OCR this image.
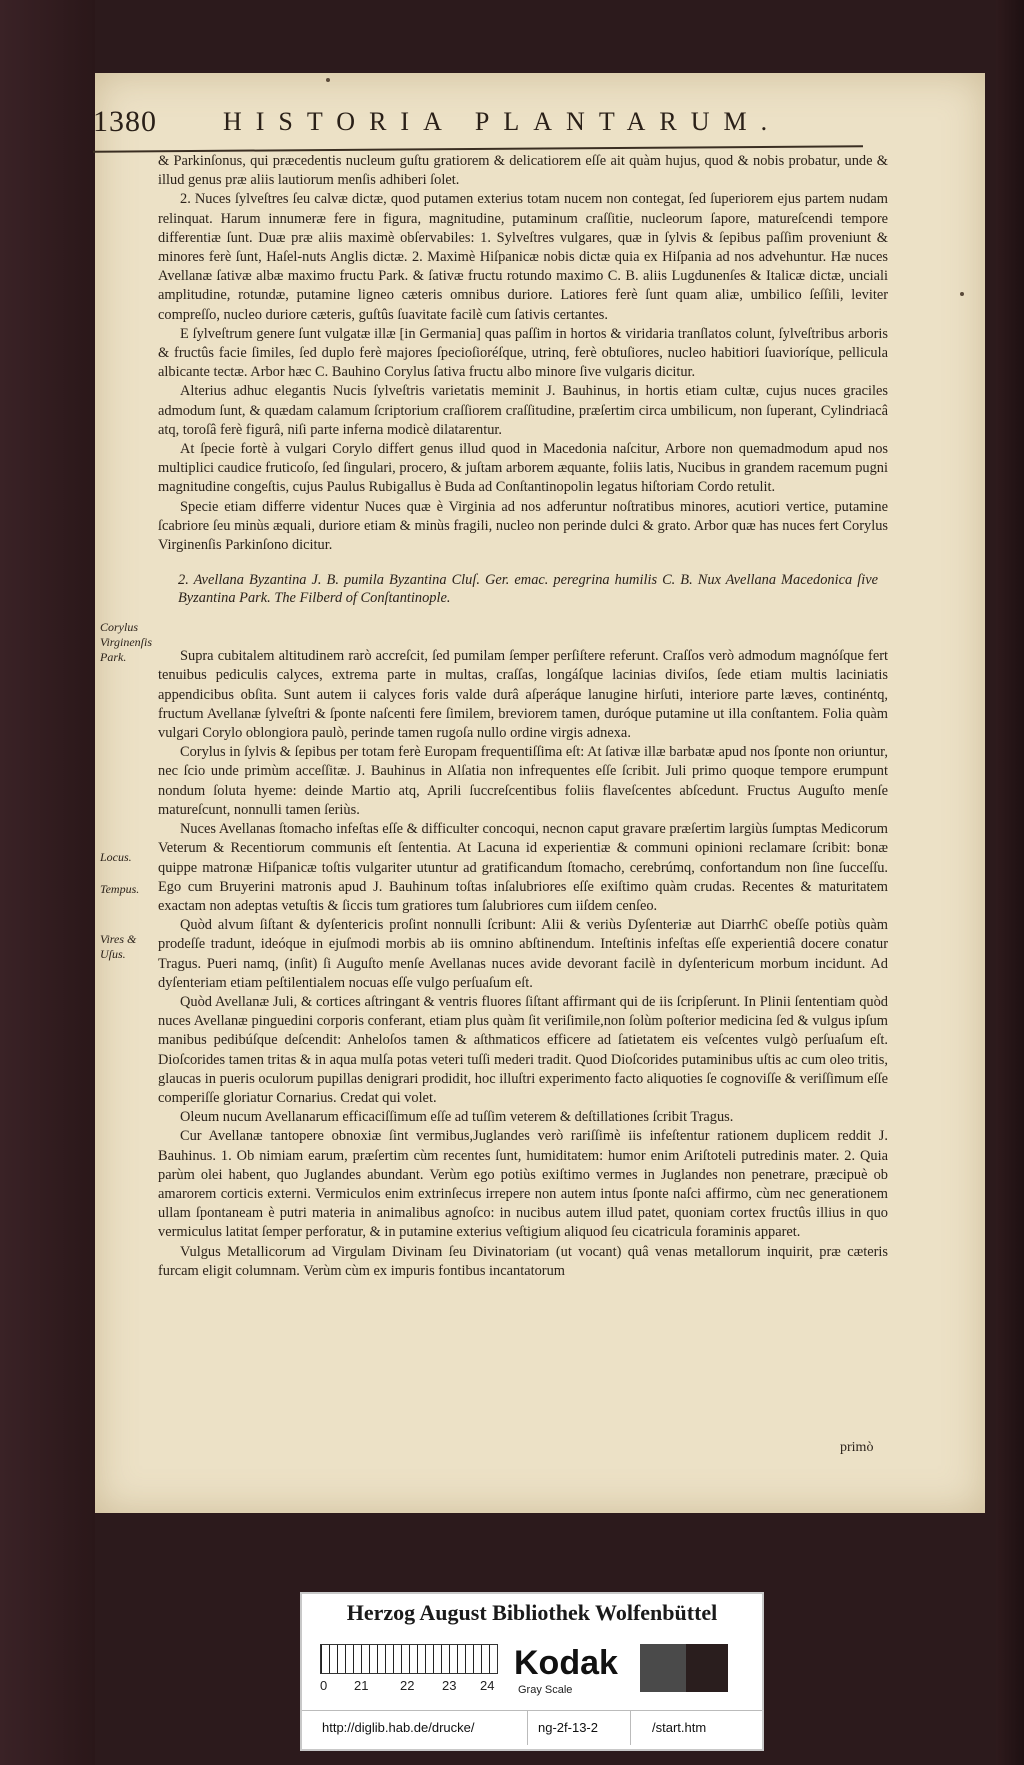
1380	HISTORIA PLANTARUM.

& Parkinſonus, qui præcedentis nucleum guſtu gratiorem & delicatiorem eſſe ait quàm hujus, quod & nobis probatur, unde & illud genus præ aliis lautiorum menſis adhiberi ſolet.

2. Nuces ſylveſtres ſeu calvæ dictæ, quod putamen exterius totam nucem non contegat, ſed ſuperiorem ejus partem nudam relinquat. Harum innumeræ fere in figura, magnitudine, putaminum craſſitie, nucleorum ſapore, matureſcendi tempore differentiæ ſunt. Duæ præ aliis maximè obſervabiles: 1. Sylveſtres vulgares, quæ in ſylvis & ſepibus paſſim proveniunt & minores ferè ſunt, Haſel-nuts Anglis dictæ. 2. Maximè Hiſpanicæ nobis dictæ quia ex Hiſpania ad nos advehuntur. Hæ nuces Avellanæ ſativæ albæ maximo fructu Park. & ſativæ fructu rotundo maximo C. B. aliis Lugdunenſes & Italicæ dictæ, unciali amplitudine, rotundæ, putamine ligneo cæteris omnibus duriore. Latiores ferè ſunt quam aliæ, umbilico ſeſſili, leviter compreſſo, nucleo duriore cæteris, guſtûs ſuavitate facilè cum ſativis certantes.

E ſylveſtrum genere ſunt vulgatæ illæ [in Germania] quas paſſim in hortos & viridaria tranſlatos colunt, ſylveſtribus arboris & fructûs facie ſimiles, ſed duplo ferè majores ſpecioſioréſque, utrinq, ferè obtuſiores, nucleo habitiori ſuavioríque, pellicula albicante tectæ. Arbor hæc C. Bauhino Corylus ſativa fructu albo minore ſive vulgaris dicitur.

Alterius adhuc elegantis Nucis ſylveſtris varietatis meminit J. Bauhinus, in hortis etiam cultæ, cujus nuces graciles admodum ſunt, & quædam calamum ſcriptorium craſſiorem craſſitudine, præſertim circa umbilicum, non ſuperant, Cylindriacâ atq, toroſâ ferè figurâ, niſi parte inferna modicè dilatarentur.

At ſpecie fortè à vulgari Corylo differt genus illud quod in Macedonia naſcitur, Arbore non quemadmodum apud nos multiplici caudice fruticoſo, ſed ſingulari, procero, & juſtam arborem æquante, foliis latis, Nucibus in grandem racemum pugni magnitudine congeſtis, cujus Paulus Rubigallus è Buda ad Conſtantinopolin legatus hiſtoriam Cordo retulit.

Specie etiam differre videntur Nuces quæ è Virginia ad nos adferuntur noſtratibus minores, acutiori vertice, putamine ſcabriore ſeu minùs æquali, duriore etiam & minùs fragili, nucleo non perinde dulci & grato. Arbor quæ has nuces fert Corylus Virginenſis Parkinſono dicitur.

2. Avellana Byzantina J. B. pumila Byzantina Cluſ. Ger. emac. peregrina humilis C. B. Nux Avellana Macedonica ſive Byzantina Park. The Filberd of Conſtantinople.

Supra cubitalem altitudinem rarò accreſcit, ſed pumilam ſemper perſiſtere referunt. Craſſos verò admodum magnóſque fert tenuibus pediculis calyces, extrema parte in multas, craſſas, longáſque lacinias diviſos, ſede etiam multis laciniatis appendicibus obſita. Sunt autem ii calyces foris valde durâ aſperáque lanugine hirſuti, interiore parte læves, continéntq, fructum Avellanæ ſylveſtri & ſponte naſcenti fere ſimilem, breviorem tamen, duróque putamine ut illa conſtantem. Folia quàm vulgari Corylo oblongiora paulò, perinde tamen rugoſa nullo ordine virgis adnexa.

Corylus in ſylvis & ſepibus per totam ferè Europam frequentiſſima eſt: At ſativæ illæ barbatæ apud nos ſponte non oriuntur, nec ſcio unde primùm acceſſitæ. J. Bauhinus in Alſatia non infrequentes eſſe ſcribit. Juli primo quoque tempore erumpunt nondum ſoluta hyeme: deinde Martio atq, Aprili ſuccreſcentibus foliis flaveſcentes abſcedunt. Fructus Auguſto menſe matureſcunt, nonnulli tamen ſeriùs.

Nuces Avellanas ſtomacho infeſtas eſſe & difficulter concoqui, necnon caput gravare præſertim largiùs ſumptas Medicorum Veterum & Recentiorum communis eſt ſententia. At Lacuna id experientiæ & communi opinioni reclamare ſcribit: bonæ quippe matronæ Hiſpanicæ toſtis vulgariter utuntur ad gratificandum ſtomacho, cerebrúmq, confortandum non ſine ſucceſſu. Ego cum Bruyerini matronis apud J. Bauhinum toſtas inſalubriores eſſe exiſtimo quàm crudas. Recentes & maturitatem exactam non adeptas vetuſtis & ſiccis tum gratiores tum ſalubriores cum iiſdem cenſeo.

Quòd alvum ſiſtant & dyſentericis proſint nonnulli ſcribunt: Alii & veriùs Dyſenteriæ aut DiarrhϾ obeſſe potiùs quàm prodeſſe tradunt, ideóque in ejuſmodi morbis ab iis omnino abſtinendum. Inteſtinis infeſtas eſſe experientiâ docere conatur Tragus. Pueri namq, (inſit) ſi Auguſto menſe Avellanas nuces avide devorant facilè in dyſentericum morbum incidunt. Ad dyſenteriam etiam peſtilentialem nocuas eſſe vulgo perſuaſum eſt.

Quòd Avellanæ Juli, & cortices aſtringant & ventris fluores ſiſtant affirmant qui de iis ſcripſerunt. In Plinii ſententiam quòd nuces Avellanæ pinguedini corporis conferant, etiam plus quàm ſit veriſimile,non ſolùm poſterior medicina ſed & vulgus ipſum manibus pedibúſque deſcendit: Anheloſos tamen & aſthmaticos efficere ad ſatietatem eis veſcentes vulgò perſuaſum eſt. Dioſcorides tamen tritas & in aqua mulſa potas veteri tuſſi mederi tradit. Quod Dioſcorides putaminibus uſtis ac cum oleo tritis, glaucas in pueris oculorum pupillas denigrari prodidit, hoc illuſtri experimento facto aliquoties ſe cognoviſſe & veriſſimum eſſe comperiſſe gloriatur Cornarius. Credat qui volet.

Oleum nucum Avellanarum efficaciſſimum eſſe ad tuſſim veterem & deſtillationes ſcribit Tragus.

Cur Avellanæ tantopere obnoxiæ ſint vermibus,Juglandes verò rariſſimè iis infeſtentur rationem duplicem reddit J. Bauhinus. 1. Ob nimiam earum, præſertim cùm recentes ſunt, humiditatem: humor enim Ariſtoteli putredinis mater. 2. Quia parùm olei habent, quo Juglandes abundant. Verùm ego potiùs exiſtimo vermes in Juglandes non penetrare, præcipuè ob amarorem corticis externi. Vermiculos enim extrinſecus irrepere non autem intus ſponte naſci affirmo, cùm nec generationem ullam ſpontaneam è putri materia in animalibus agnoſco: in nucibus autem illud patet, quoniam cortex fructûs illius in quo vermiculus latitat ſemper perforatur, & in putamine exterius veſtigium aliquod ſeu cicatricula foraminis apparet.

Vulgus Metallicorum ad Virgulam Divinam ſeu Divinatoriam (ut vocant) quâ venas metallorum inquirit, præ cæteris furcam eligit columnam. Verùm cùm ex impuris fontibus incantatorum

Corylus Virginenſis Park.
Locus.
Tempus.
Vires & Uſus.
primò
Herzog August Bibliothek Wolfenbüttel
0 21 22 23 24
Kodak
Gray Scale
http://diglib.hab.de/drucke/	ng-2f-13-2	/start.htm
